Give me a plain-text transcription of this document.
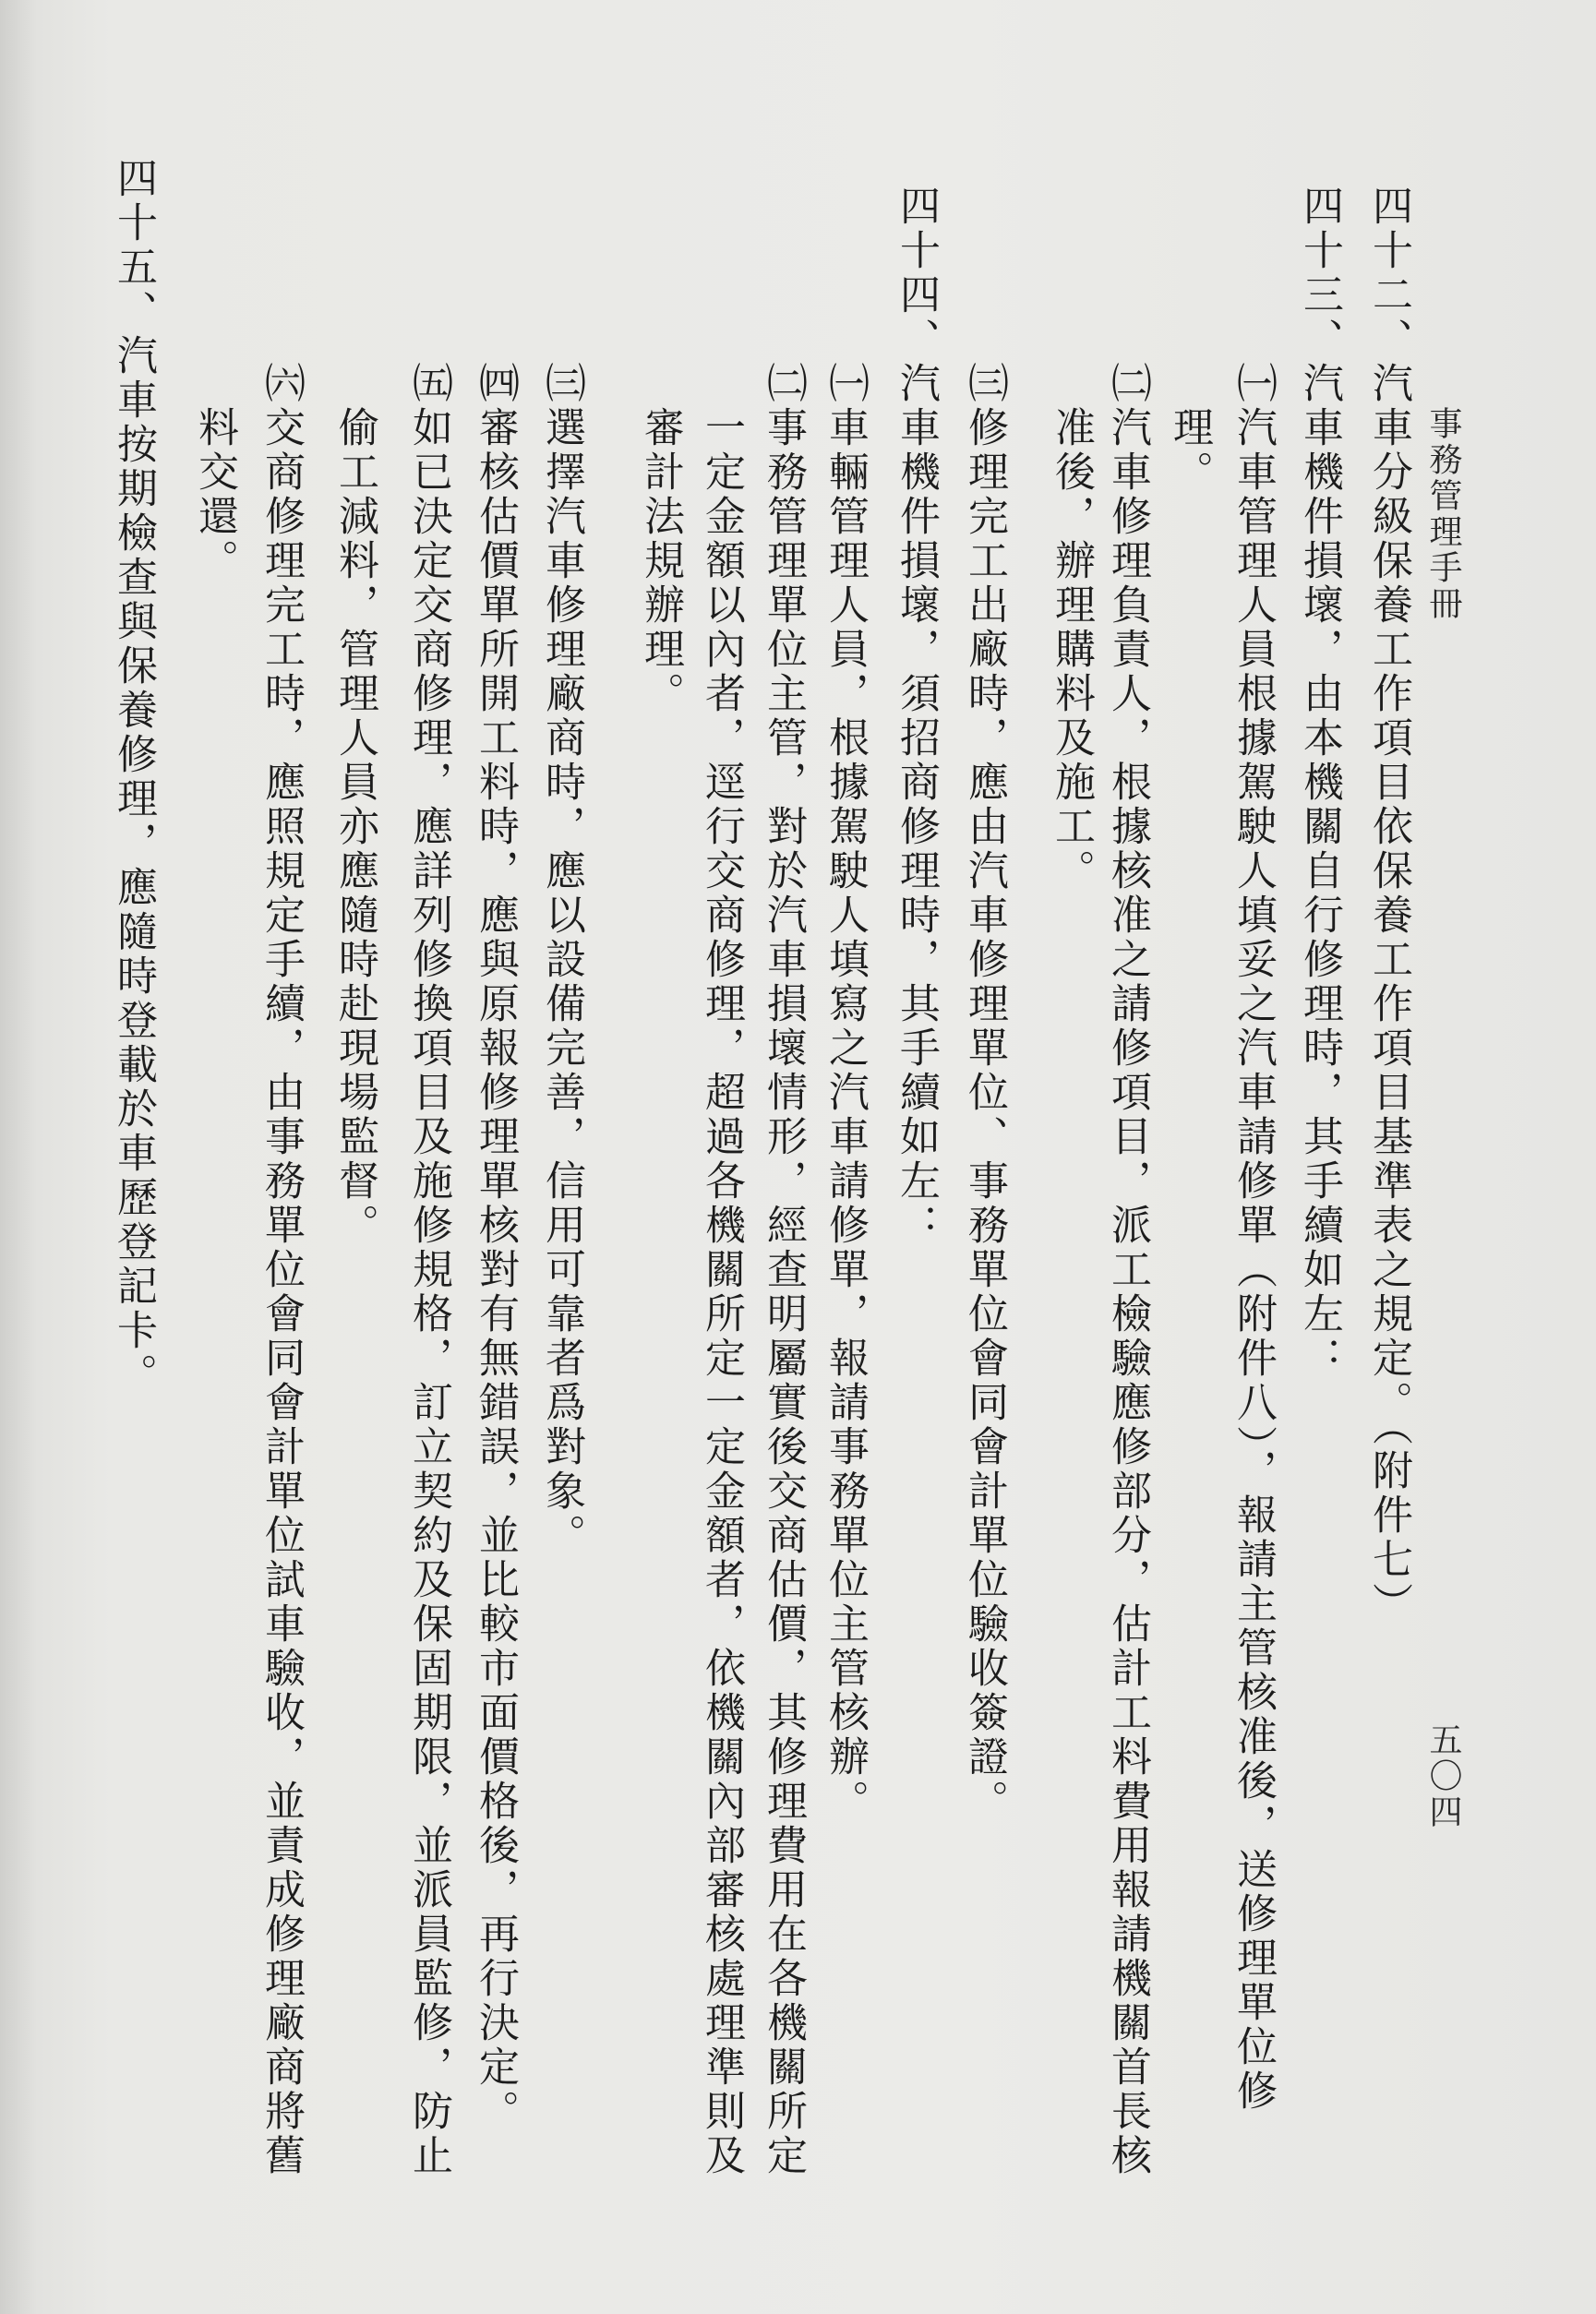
事務管理手冊
五〇四
四十二、汽車分級保養工作項目依保養工作項目基準表之規定。（附件七）
四十三、汽車機件損壞，由本機關自行修理時，其手續如左：
㈠汽車管理人員根據駕駛人填妥之汽車請修單（附件八），報請主管核准後，送修理單位修
理。
㈡汽車修理負責人，根據核准之請修項目，派工檢驗應修部分，估計工料費用報請機關首長核
准後，辦理購料及施工。
㈢修理完工出廠時，應由汽車修理單位、事務單位會同會計單位驗收簽證。
四十四、汽車機件損壞，須招商修理時，其手續如左：
㈠車輛管理人員，根據駕駛人填寫之汽車請修單，報請事務單位主管核辦。
㈡事務管理單位主管，對於汽車損壞情形，經查明屬實後交商估價，其修理費用在各機關所定
一定金額以內者，逕行交商修理，超過各機關所定一定金額者，依機關內部審核處理準則及
審計法規辦理。
㈢選擇汽車修理廠商時，應以設備完善，信用可靠者爲對象。
㈣審核估價單所開工料時，應與原報修理單核對有無錯誤，並比較市面價格後，再行決定。
㈤如已決定交商修理，應詳列修換項目及施修規格，訂立契約及保固期限，並派員監修，防止
偷工減料，管理人員亦應隨時赴現場監督。
㈥交商修理完工時，應照規定手續，由事務單位會同會計單位試車驗收，並責成修理廠商將舊
料交還。
四十五、汽車按期檢查與保養修理，應隨時登載於車歷登記卡。
